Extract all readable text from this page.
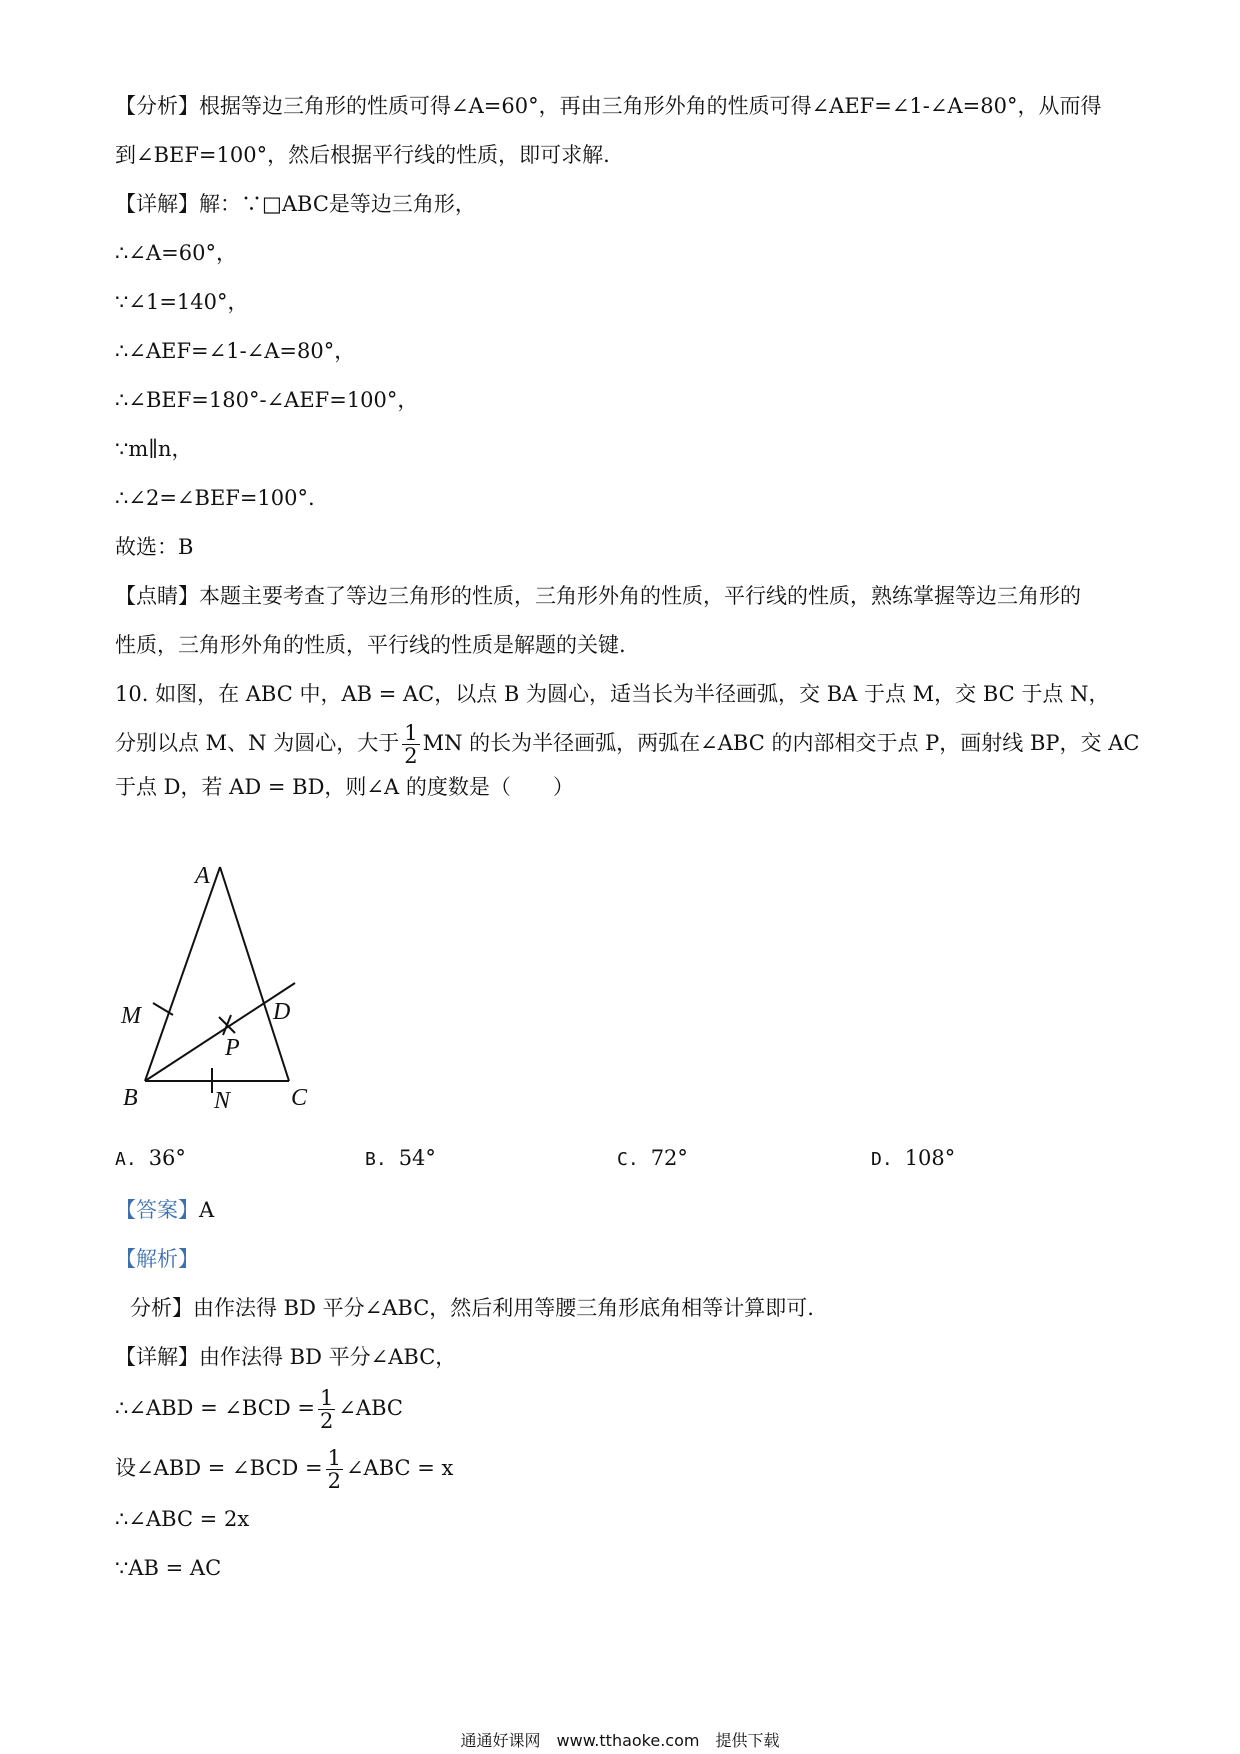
【分析】根据等边三角形的性质可得∠A=60°，再由三角形外角的性质可得∠AEF=∠1-∠A=80°，从而得

到∠BEF=100°，然后根据平行线的性质，即可求解.

【详解】解：∵□ABC是等边三角形，

∴∠A=60°，

∵∠1=140°，

∴∠AEF=∠1-∠A=80°，

∴∠BEF=180°-∠AEF=100°，

∵m∥n，

∴∠2=∠BEF=100°.

故选：B

【点睛】本题主要考查了等边三角形的性质，三角形外角的性质，平行线的性质，熟练掌握等边三角形的

性质，三角形外角的性质，平行线的性质是解题的关键.

10. 如图，在 ABC 中，AB = AC，以点 B 为圆心，适当长为半径画弧，交 BA 于点 M，交 BC 于点 N，

分别以点 M、N 为圆心，大于 $\frac{1}{2}$ MN 的长为半径画弧，两弧在∠ABC 的内部相交于点 P，画射线 BP，交 AC

于点 D，若 AD = BD，则∠A 的度数是（　　）

A
B	C
D
M
N
P
A. 36°	B. 54°	C. 72°	D. 108°

【答案】A

【解析】

分析】由作法得 BD 平分∠ABC，然后利用等腰三角形底角相等计算即可.

【详解】由作法得 BD 平分∠ABC，

∴∠ABD = ∠BCD = $\frac{1}{2}$ ∠ABC

设∠ABD = ∠BCD = $\frac{1}{2}$ ∠ABC = x

∴∠ABC = 2x

∵AB = AC

通通好课网　www.tthaoke.com　提供下载
